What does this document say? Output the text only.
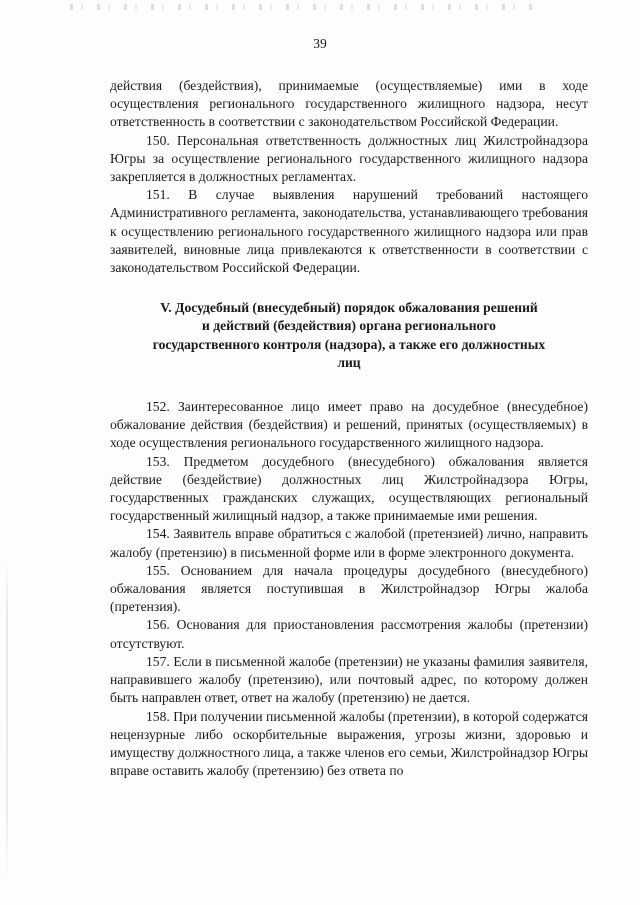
39

действия (бездействия), принимаемые (осуществляемые) ими в ходе осуществления регионального государственного жилищного надзора, несут ответственность в соответствии с законодательством Российской Федерации.

150. Персональная ответственность должностных лиц Жилстройнадзора Югры за осуществление регионального государственного жилищного надзора закрепляется в должностных регламентах.

151. В случае выявления нарушений требований настоящего Административного регламента, законодательства, устанавливающего требования к осуществлению регионального государственного жилищного надзора или прав заявителей, виновные лица привлекаются к ответственности в соответствии с законодательством Российской Федерации.

V. Досудебный (внесудебный) порядок обжалования решений
и действий (бездействия) органа регионального
государственного контроля (надзора), а также его должностных
лиц

152. Заинтересованное лицо имеет право на досудебное (внесудебное) обжалование действия (бездействия) и решений, принятых (осуществляемых) в ходе осуществления регионального государственного жилищного надзора.

153. Предметом досудебного (внесудебного) обжалования является действие (бездействие) должностных лиц Жилстройнадзора Югры, государственных гражданских служащих, осуществляющих региональный государственный жилищный надзор, а также принимаемые ими решения.

154. Заявитель вправе обратиться с жалобой (претензией) лично, направить жалобу (претензию) в письменной форме или в форме электронного документа.

155. Основанием для начала процедуры досудебного (внесудебного) обжалования является поступившая в Жилстройнадзор Югры жалоба (претензия).

156. Основания для приостановления рассмотрения жалобы (претензии) отсутствуют.

157. Если в письменной жалобе (претензии) не указаны фамилия заявителя, направившего жалобу (претензию), или почтовый адрес, по которому должен быть направлен ответ, ответ на жалобу (претензию) не дается.

158. При получении письменной жалобы (претензии), в которой содержатся нецензурные либо оскорбительные выражения, угрозы жизни, здоровью и имуществу должностного лица, а также членов его семьи, Жилстройнадзор Югры вправе оставить жалобу (претензию) без ответа по
